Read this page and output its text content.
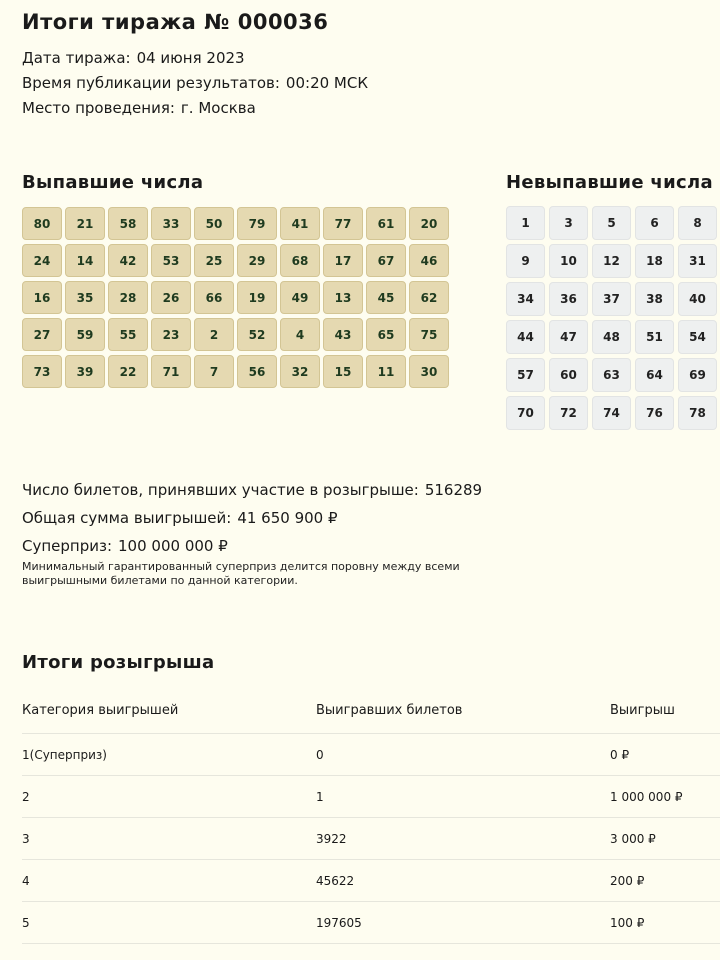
Итоги тиража № 000036
Дата тиража: 04 июня 2023
Время публикации результатов: 00:20 МСК
Место проведения: г. Москва
Выпавшие числа
80	21	58	33	50	79	41	77	61	20
24	14	42	53	25	29	68	17	67	46
16	35	28	26	66	19	49	13	45	62
27	59	55	23	2	52	4	43	65	75
73	39	22	71	7	56	32	15	11	30
Невыпавшие числа
1	3	5	6	8
9	10	12	18	31
34	36	37	38	40
44	47	48	51	54
57	60	63	64	69
70	72	74	76	78
Число билетов, принявших участие в розыгрыше: 516289
Общая сумма выигрышей: 41 650 900 ₽
Суперприз: 100 000 000 ₽
Минимальный гарантированный суперприз делится поровну между всеми выигрышными билетами по данной категории.
Итоги розыгрыша
Категория выигрышей	Выигравших билетов	Выигрыш
1(Суперприз)	0	0 ₽
2	1	1 000 000 ₽
3	3922	3 000 ₽
4	45622	200 ₽
5	197605	100 ₽
